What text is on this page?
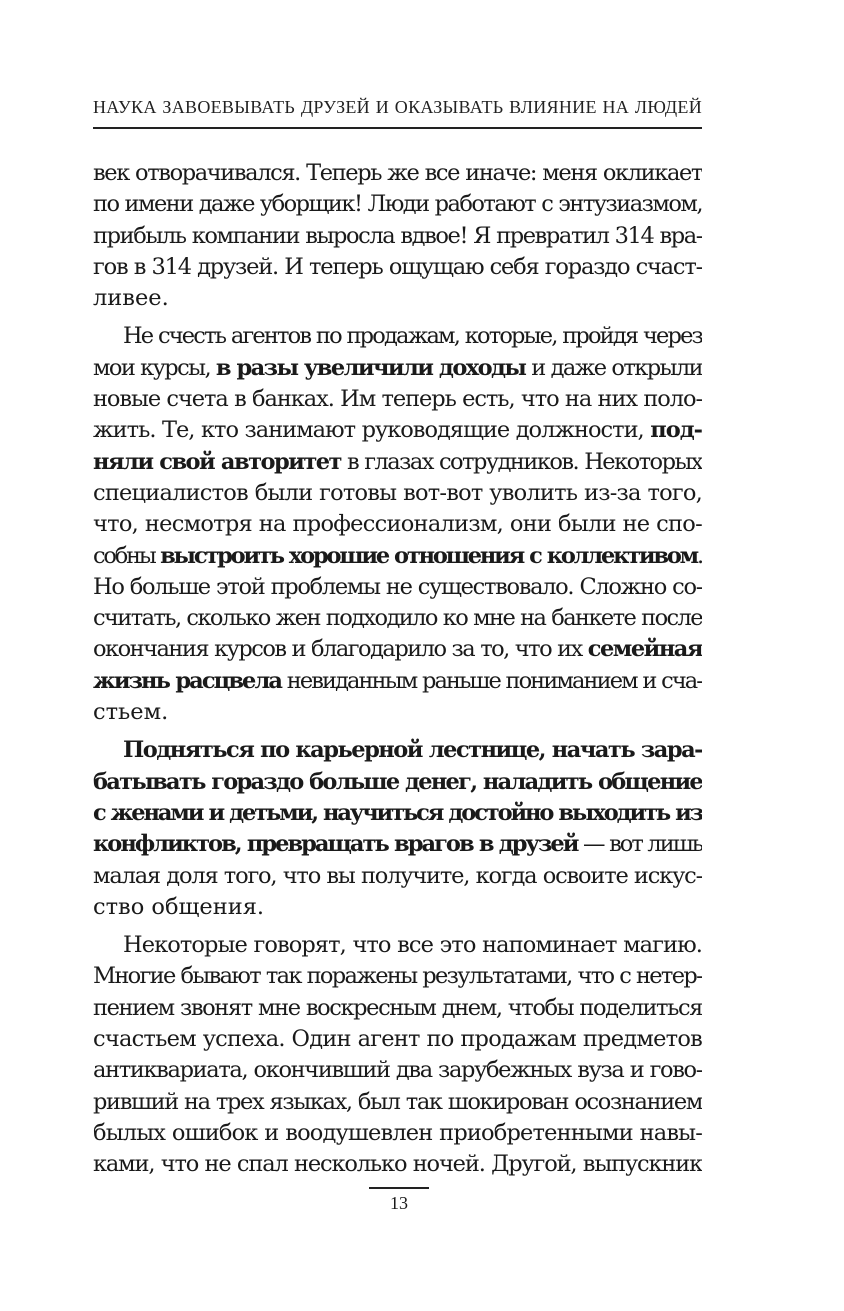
НАУКА ЗАВОЕВЫВАТЬ ДРУЗЕЙ И ОКАЗЫВАТЬ ВЛИЯНИЕ НА ЛЮДЕЙ
век отворачивался. Теперь же все иначе: меня окликает
по имени даже уборщик! Люди работают с энтузиазмом,
прибыль компании выросла вдвое! Я превратил 314 вра-
гов в 314 друзей. И теперь ощущаю себя гораздо счаст-
ливее.
Не счесть агентов по продажам, которые, пройдя через
мои курсы, в разы увеличили доходы и даже открыли
новые счета в банках. Им теперь есть, что на них поло-
жить. Те, кто занимают руководящие должности, под-
няли свой авторитет в глазах сотрудников. Некоторых
специалистов были готовы вот-вот уволить из-за того,
что, несмотря на профессионализм, они были не спо-
собны выстроить хорошие отношения с коллективом.
Но больше этой проблемы не существовало. Сложно со-
считать, сколько жен подходило ко мне на банкете после
окончания курсов и благодарило за то, что их семейная
жизнь расцвела невиданным раньше пониманием и сча-
стьем.
Подняться по карьерной лестнице, начать зара-
батывать гораздо больше денег, наладить общение
с женами и детьми, научиться достойно выходить из
конфликтов, превращать врагов в друзей — вот лишь
малая доля того, что вы получите, когда освоите искус-
ство общения.
Некоторые говорят, что все это напоминает магию.
Многие бывают так поражены результатами, что с нетер-
пением звонят мне воскресным днем, чтобы поделиться
счастьем успеха. Один агент по продажам предметов
антиквариата, окончивший два зарубежных вуза и гово-
ривший на трех языках, был так шокирован осознанием
былых ошибок и воодушевлен приобретенными навы-
ками, что не спал несколько ночей. Другой, выпускник
13
